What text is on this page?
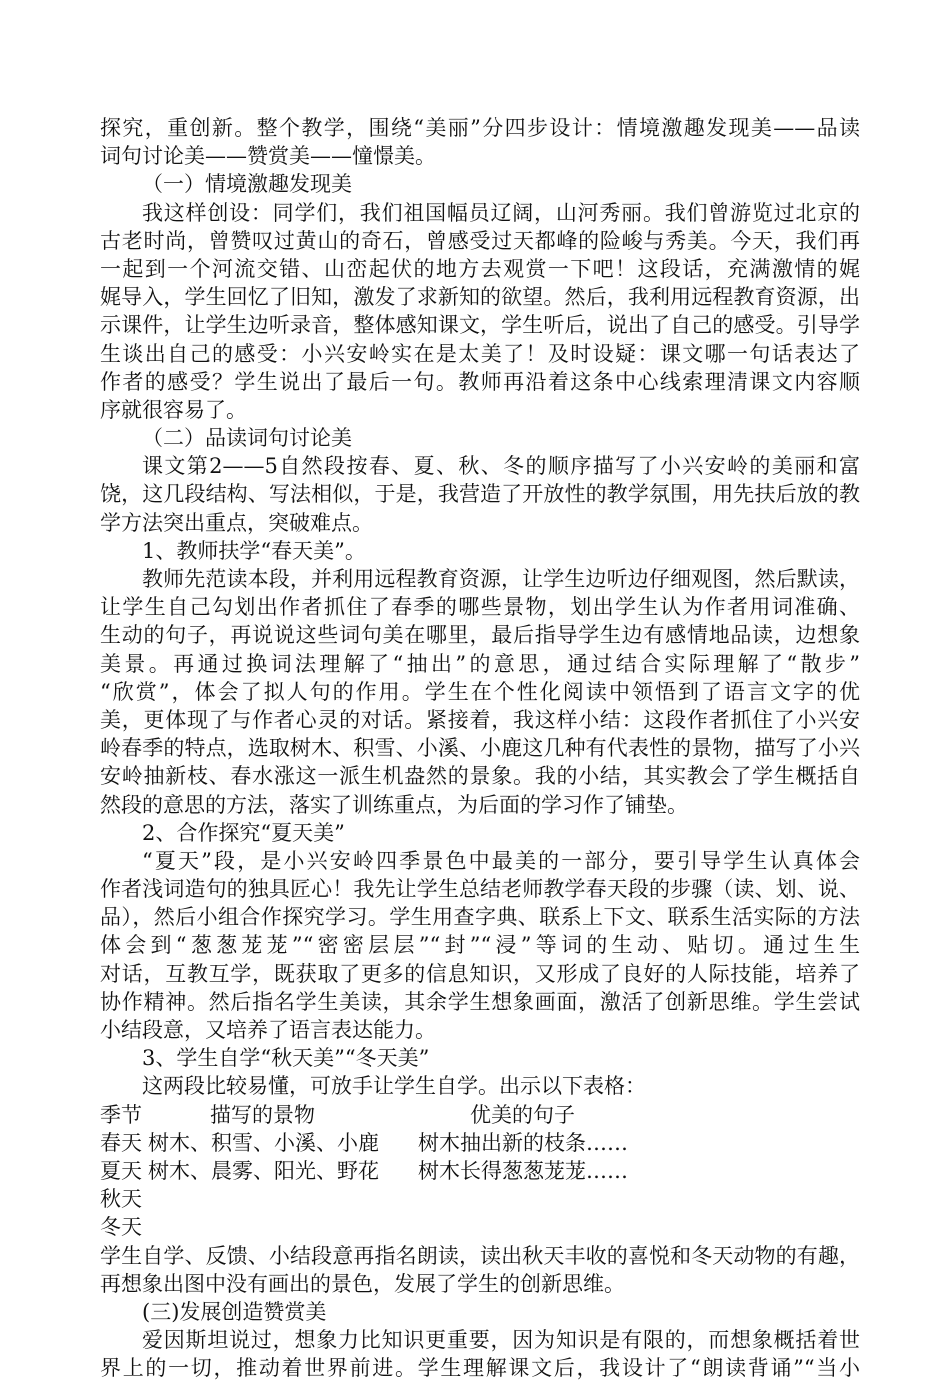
探究，重创新。整个教学，围绕“美丽”分四步设计：情境激趣发现美——品读
词句讨论美——赞赏美——憧憬美。
（一）情境激趣发现美
我这样创设：同学们，我们祖国幅员辽阔，山河秀丽。我们曾游览过北京的
古老时尚，曾赞叹过黄山的奇石，曾感受过天都峰的险峻与秀美。今天，我们再
一起到一个河流交错、山峦起伏的地方去观赏一下吧！这段话，充满激情的娓
娓导入，学生回忆了旧知，激发了求新知的欲望。然后，我利用远程教育资源，出
示课件，让学生边听录音，整体感知课文，学生听后，说出了自己的感受。引导学
生谈出自己的感受：小兴安岭实在是太美了！及时设疑：课文哪一句话表达了
作者的感受？学生说出了最后一句。教师再沿着这条中心线索理清课文内容顺
序就很容易了。
（二）品读词句讨论美
课文第2——5自然段按春、夏、秋、冬的顺序描写了小兴安岭的美丽和富
饶，这几段结构、写法相似，于是，我营造了开放性的教学氛围，用先扶后放的教
学方法突出重点，突破难点。
1、教师扶学“春天美”。
教师先范读本段，并利用远程教育资源，让学生边听边仔细观图，然后默读，
让学生自己勾划出作者抓住了春季的哪些景物，划出学生认为作者用词准确、
生动的句子，再说说这些词句美在哪里，最后指导学生边有感情地品读，边想象
美景。再通过换词法理解了“抽出”的意思，通过结合实际理解了“散步”
“欣赏”，体会了拟人句的作用。学生在个性化阅读中领悟到了语言文字的优
美，更体现了与作者心灵的对话。紧接着，我这样小结：这段作者抓住了小兴安
岭春季的特点，选取树木、积雪、小溪、小鹿这几种有代表性的景物，描写了小兴
安岭抽新枝、春水涨这一派生机盎然的景象。我的小结，其实教会了学生概括自
然段的意思的方法，落实了训练重点，为后面的学习作了铺垫。
2、合作探究“夏天美”
“夏天”段，是小兴安岭四季景色中最美的一部分，要引导学生认真体会
作者浅词造句的独具匠心！我先让学生总结老师教学春天段的步骤（读、划、说、
品），然后小组合作探究学习。学生用查字典、联系上下文、联系生活实际的方法
体会到“葱葱茏茏”“密密层层”“封”“浸”等词的生动、贴切。通过生生
对话，互教互学，既获取了更多的信息知识，又形成了良好的人际技能，培养了
协作精神。然后指名学生美读，其余学生想象画面，激活了创新思维。学生尝试
小结段意，又培养了语言表达能力。
3、学生自学“秋天美”“冬天美”
这两段比较易懂，可放手让学生自学。出示以下表格：
季节	描写的景物	优美的句子
春天 树木、积雪、小溪、小鹿 树木抽出新的枝条……
夏天 树木、晨雾、阳光、野花 树木长得葱葱茏茏……
秋天
冬天
学生自学、反馈、小结段意再指名朗读，读出秋天丰收的喜悦和冬天动物的有趣，
再想象出图中没有画出的景色，发展了学生的创新思维。
(三)发展创造赞赏美
爱因斯坦说过，想象力比知识更重要，因为知识是有限的，而想象概括着世
界上的一切，推动着世界前进。学生理解课文后，我设计了“朗读背诵”“当小
